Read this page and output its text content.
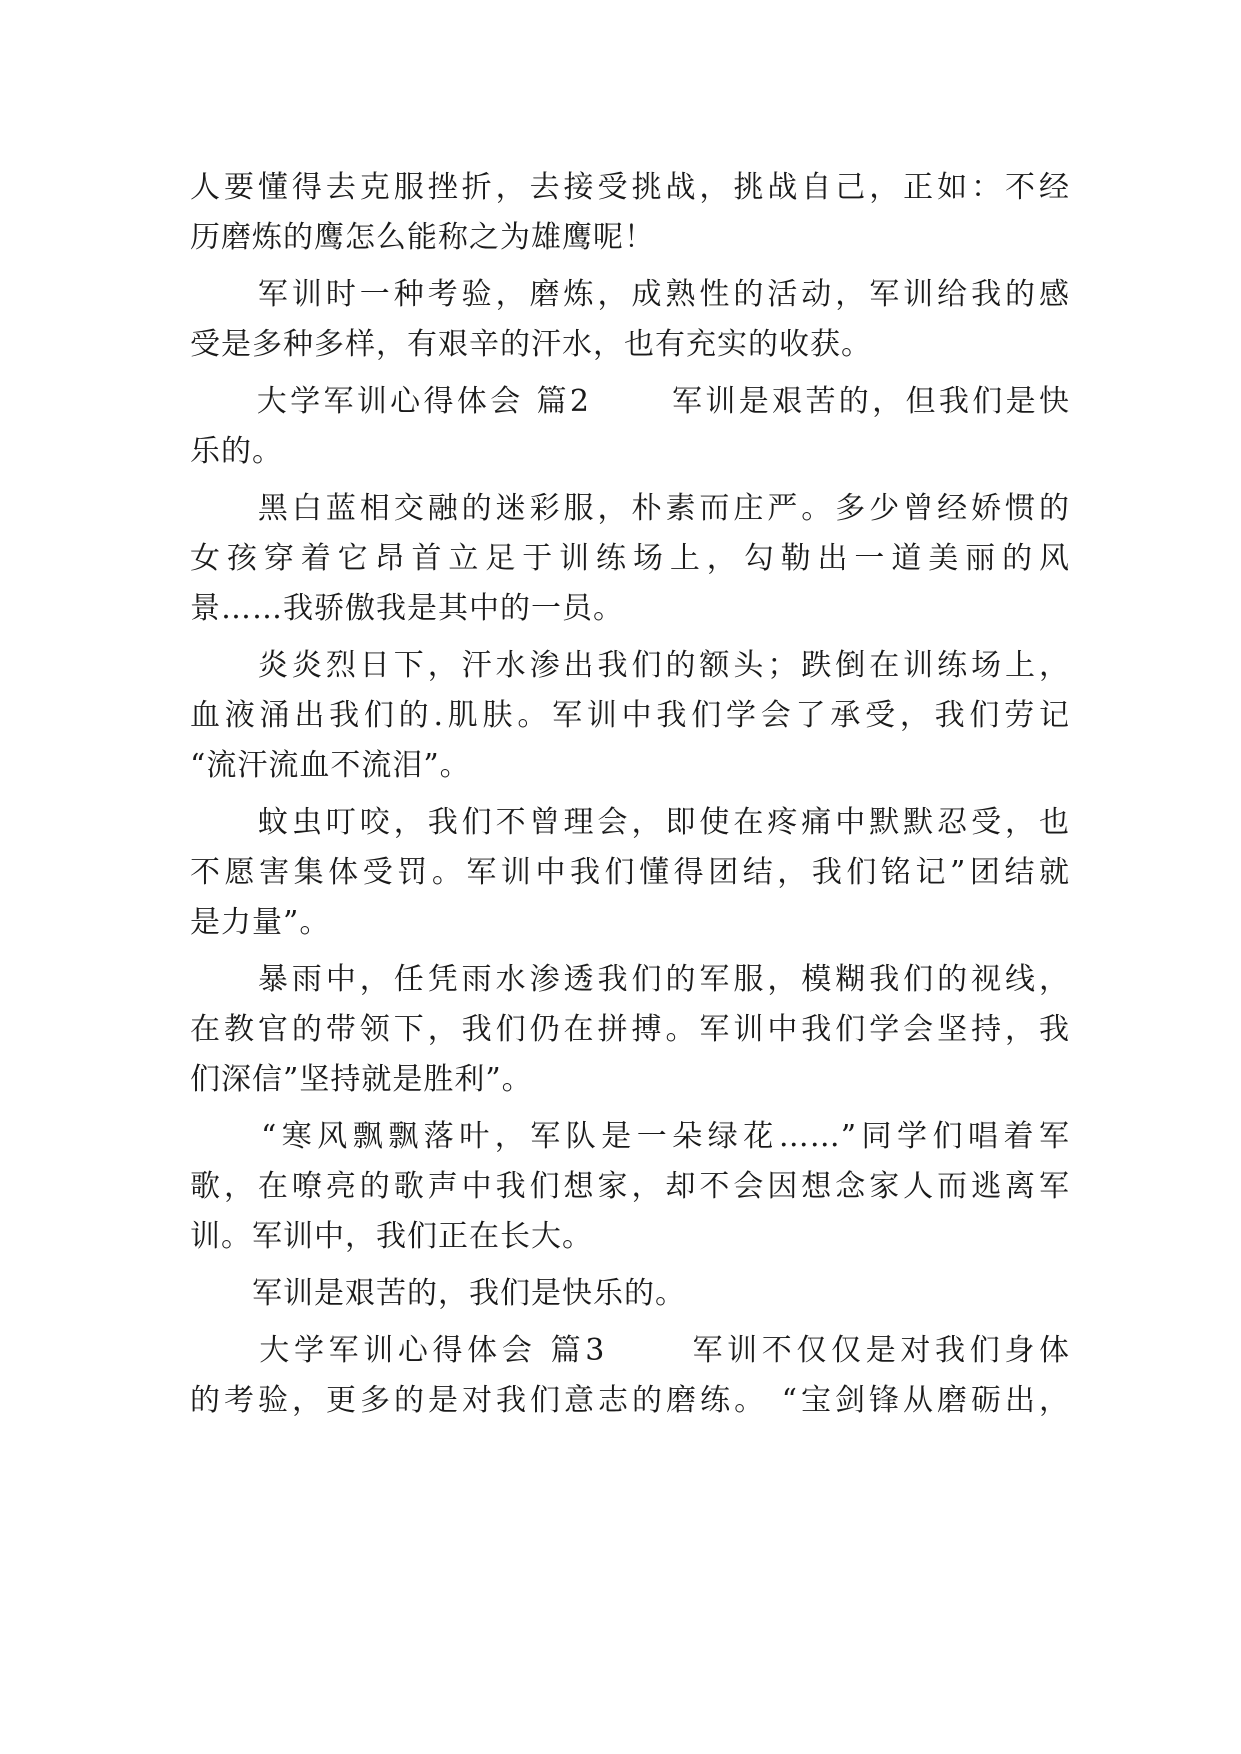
人要懂得去克服挫折，去接受挑战，挑战自己，正如：不经
历磨炼的鹰怎么能称之为雄鹰呢！
　　军训时一种考验，磨炼，成熟性的活动，军训给我的感
受是多种多样，有艰辛的汗水，也有充实的收获。
　　大学军训心得体会 篇2　　 军训是艰苦的，但我们是快
乐的。
　　黑白蓝相交融的迷彩服，朴素而庄严。多少曾经娇惯的
女孩穿着它昂首立足于训练场上，勾勒出一道美丽的风
景……我骄傲我是其中的一员。
　　炎炎烈日下，汗水渗出我们的额头；跌倒在训练场上，
血液涌出我们的.肌肤。军训中我们学会了承受，我们劳记
“流汗流血不流泪”。
　　蚊虫叮咬，我们不曾理会，即使在疼痛中默默忍受，也
不愿害集体受罚。军训中我们懂得团结，我们铭记”团结就
是力量”。
　　暴雨中，任凭雨水渗透我们的军服，模糊我们的视线，
在教官的带领下，我们仍在拼搏。军训中我们学会坚持，我
们深信”坚持就是胜利”。
　　“寒风飘飘落叶，军队是一朵绿花……”同学们唱着军
歌，在嘹亮的歌声中我们想家，却不会因想念家人而逃离军
训。军训中，我们正在长大。
　　军训是艰苦的，我们是快乐的。
　　大学军训心得体会 篇3　　 军训不仅仅是对我们身体
的考验，更多的是对我们意志的磨练。 “宝剑锋从磨砺出，
